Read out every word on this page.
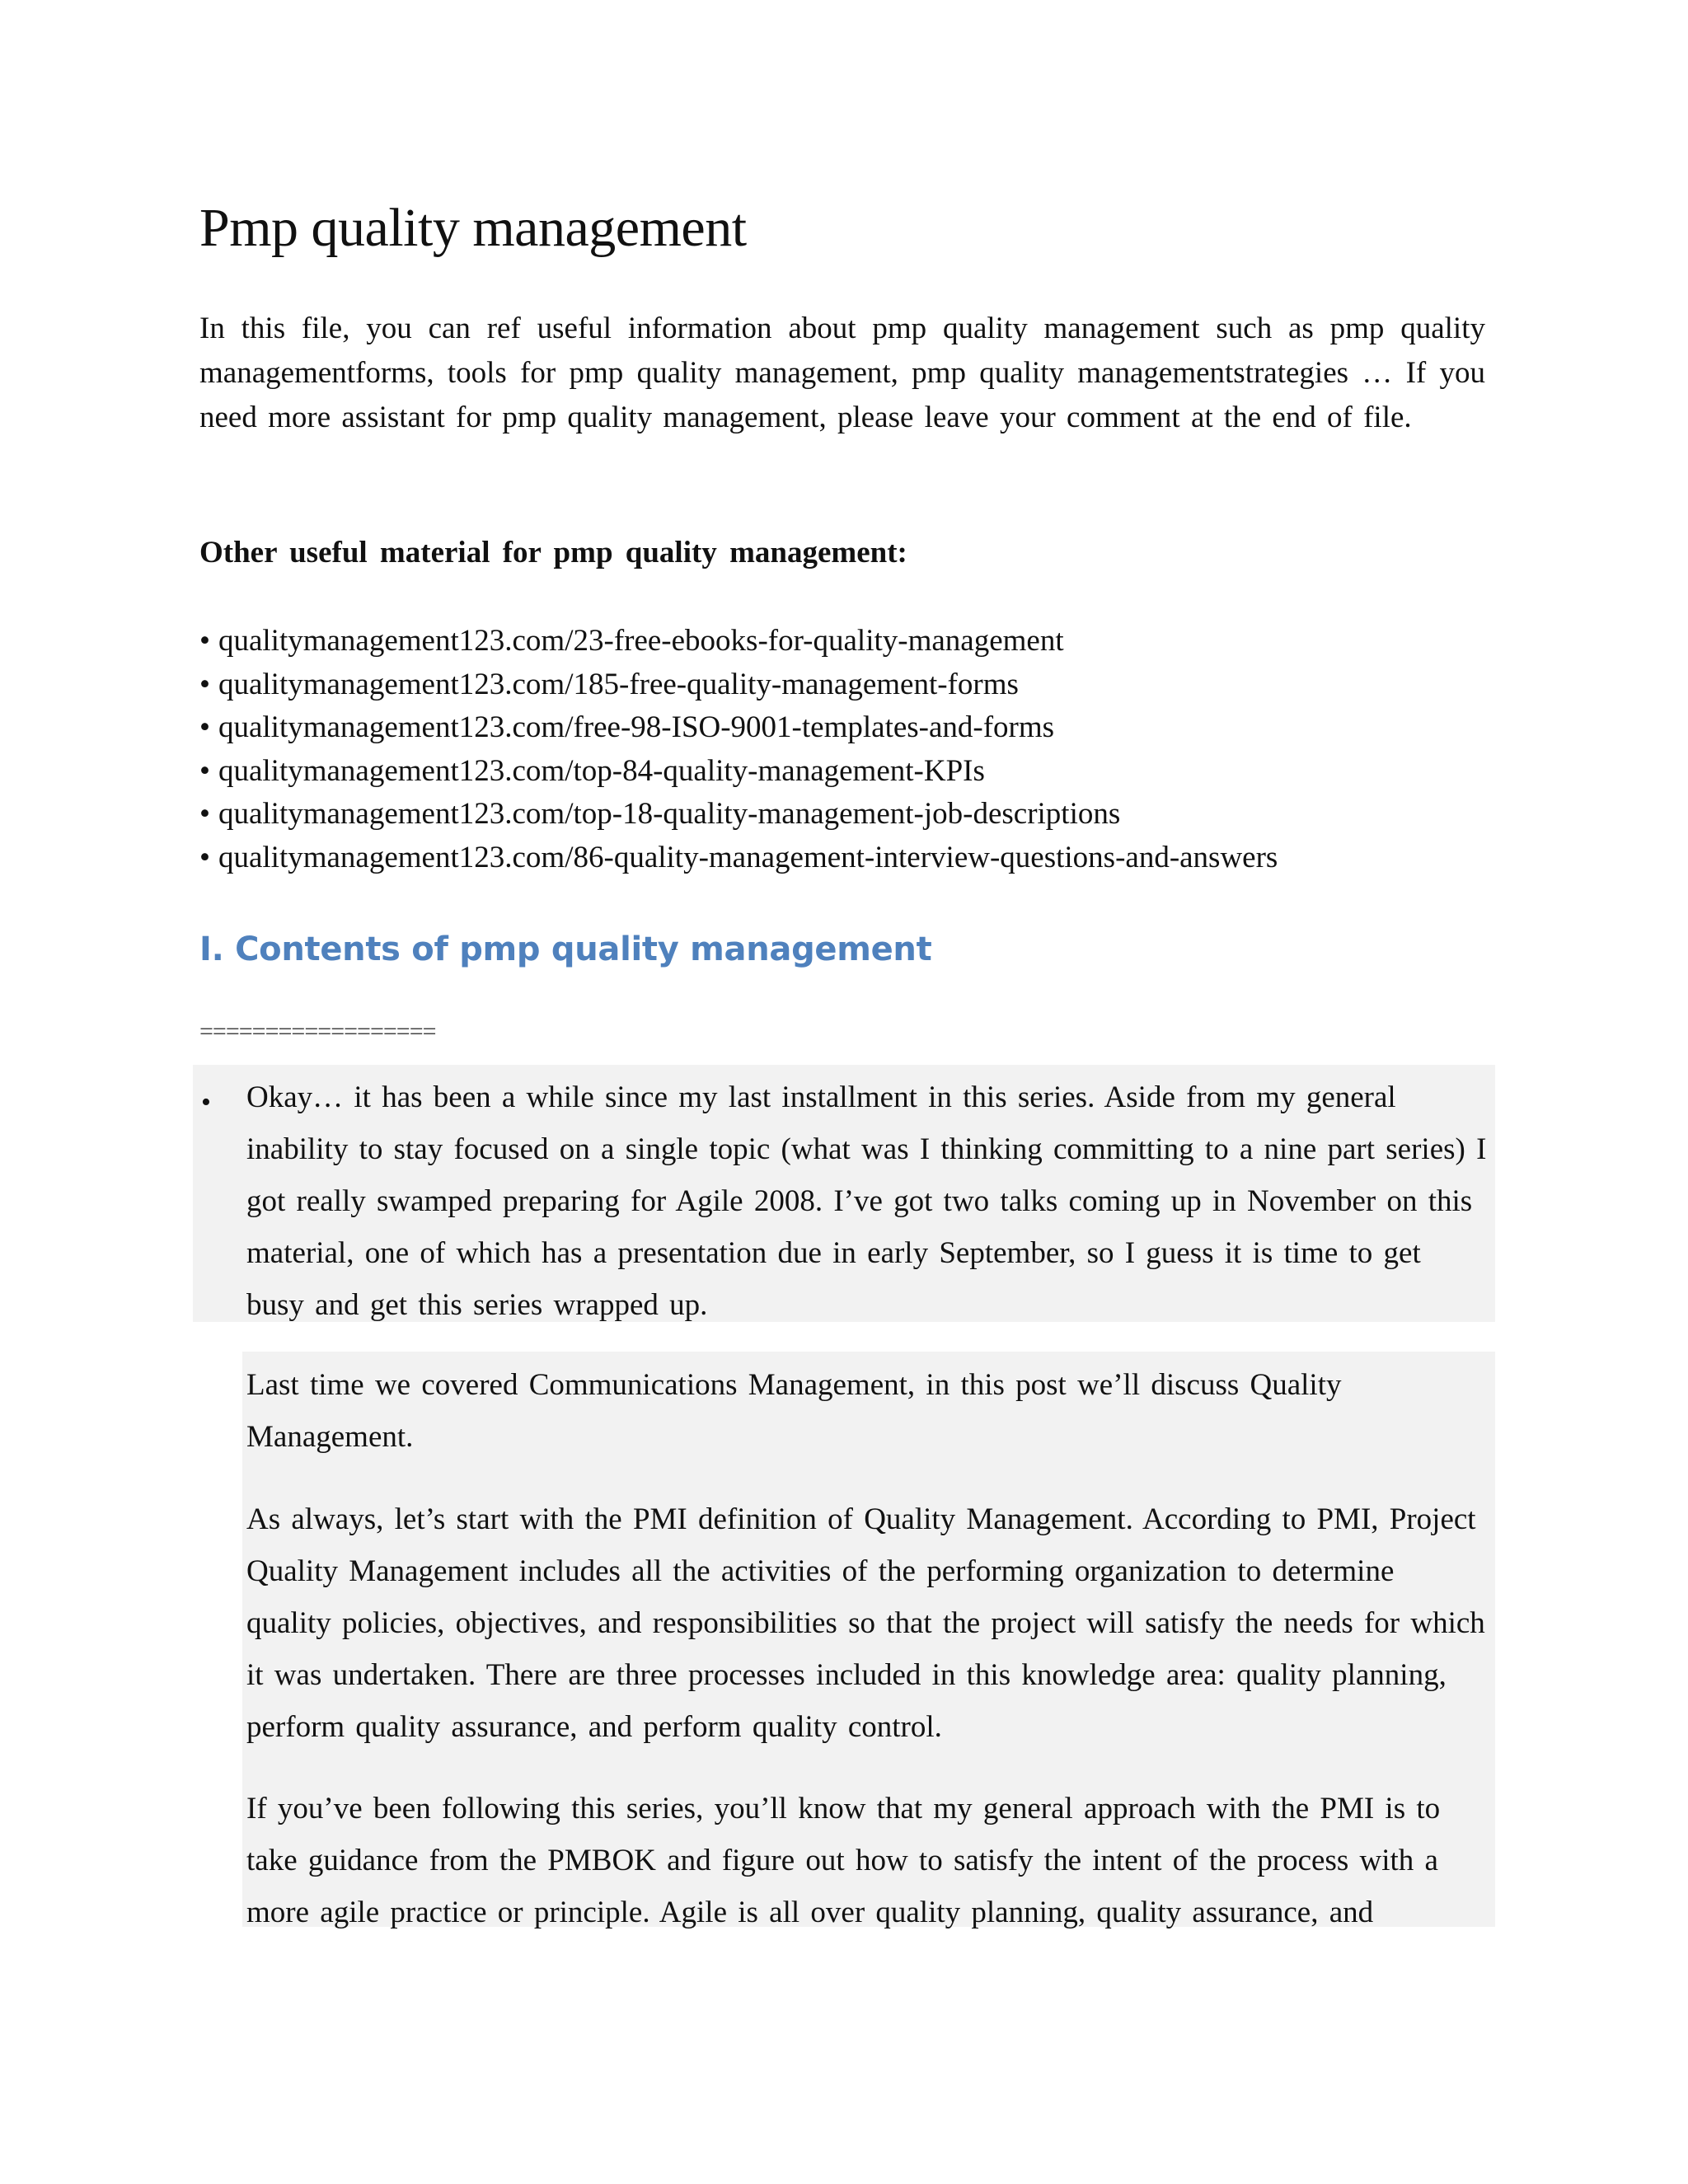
Pmp quality management

In this file, you can ref useful information about pmp quality management such as pmp quality managementforms, tools for pmp quality management, pmp quality managementstrategies … If you need more assistant for pmp quality management, please leave your comment at the end of file.

Other useful material for pmp quality management:

• qualitymanagement123.com/23-free-ebooks-for-quality-management
• qualitymanagement123.com/185-free-quality-management-forms
• qualitymanagement123.com/free-98-ISO-9001-templates-and-forms
• qualitymanagement123.com/top-84-quality-management-KPIs
• qualitymanagement123.com/top-18-quality-management-job-descriptions
• qualitymanagement123.com/86-quality-management-interview-questions-and-answers
I. Contents of pmp quality management

==================

• Okay… it has been a while since my last installment in this series. Aside from my general inability to stay focused on a single topic (what was I thinking committing to a nine part series) I got really swamped preparing for Agile 2008. I’ve got two talks coming up in November on this material, one of which has a presentation due in early September, so I guess it is time to get busy and get this series wrapped up.

Last time we covered Communications Management, in this post we’ll discuss Quality Management.

As always, let’s start with the PMI definition of Quality Management. According to PMI, Project Quality Management includes all the activities of the performing organization to determine quality policies, objectives, and responsibilities so that the project will satisfy the needs for which it was undertaken. There are three processes included in this knowledge area: quality planning, perform quality assurance, and perform quality control.

If you’ve been following this series, you’ll know that my general approach with the PMI is to take guidance from the PMBOK and figure out how to satisfy the intent of the process with a more agile practice or principle. Agile is all over quality planning, quality assurance, and
